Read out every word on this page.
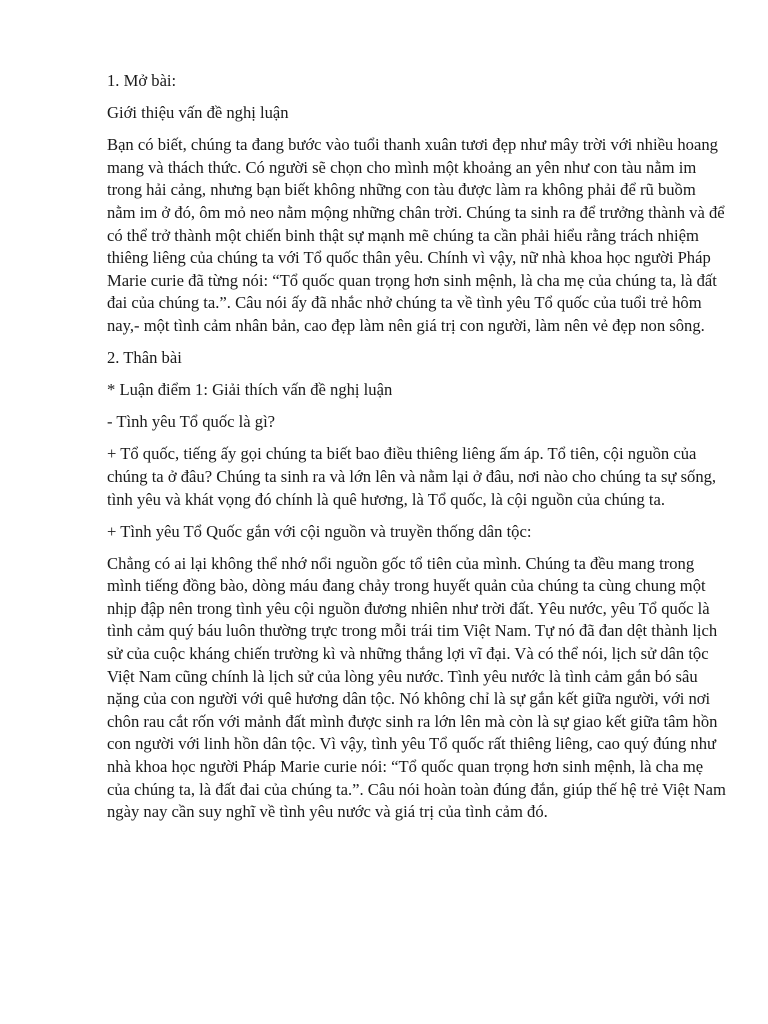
1. Mở bài:

Giới thiệu vấn đề nghị luận

Bạn có biết, chúng ta đang bước vào tuổi thanh xuân tươi đẹp như mây trời với nhiều hoang mang và thách thức. Có người sẽ chọn cho mình một khoảng an yên như con tàu nằm im trong hải cảng, nhưng bạn biết không những con tàu được làm ra không phải để rũ buồm nằm im ở đó, ôm mỏ neo nằm mộng những chân trời. Chúng ta sinh ra để trưởng thành và để có thể trở thành một chiến binh thật sự mạnh mẽ chúng ta cần phải hiểu rằng trách nhiệm thiêng liêng của chúng ta với Tổ quốc thân yêu. Chính vì vậy, nữ nhà khoa học người Pháp Marie curie đã từng nói: “Tổ quốc quan trọng hơn sinh mệnh, là cha mẹ của chúng ta, là đất đai của chúng ta.”. Câu nói ấy đã nhắc nhở chúng ta về tình yêu Tổ quốc của tuổi trẻ hôm nay,- một tình cảm nhân bản, cao đẹp làm nên giá trị con người, làm nên vẻ đẹp non sông.

2. Thân bài

* Luận điểm 1: Giải thích vấn đề nghị luận

- Tình yêu Tổ quốc là gì?

+ Tổ quốc, tiếng ấy gọi chúng ta biết bao điều thiêng liêng ấm áp. Tổ tiên, cội nguồn của chúng ta ở đâu? Chúng ta sinh ra và lớn lên và nằm lại ở đâu, nơi nào cho chúng ta sự sống, tình yêu và khát vọng đó chính là quê hương, là Tổ quốc, là cội nguồn của chúng ta.

+ Tình yêu Tổ Quốc gắn với cội nguồn và truyền thống dân tộc:

Chẳng có ai lại không thể nhớ nổi nguồn gốc tổ tiên của mình. Chúng ta đều mang trong mình tiếng đồng bào, dòng máu đang chảy trong huyết quản của chúng ta cùng chung một nhịp đập nên trong tình yêu cội nguồn đương nhiên như trời đất. Yêu nước, yêu Tổ quốc là tình cảm quý báu luôn thường trực trong mỗi trái tim Việt Nam. Tự nó đã đan dệt thành lịch sử của cuộc kháng chiến trường kì và những thắng lợi vĩ đại. Và có thể nói, lịch sử dân tộc Việt Nam cũng chính là lịch sử của lòng yêu nước. Tình yêu nước là tình cảm gắn bó sâu nặng của con người với quê hương dân tộc. Nó không chỉ là sự gắn kết giữa người, với nơi chôn rau cắt rốn với mảnh đất mình được sinh ra lớn lên mà còn là sự giao kết giữa tâm hồn con người với linh hồn dân tộc. Vì vậy, tình yêu Tổ quốc rất thiêng liêng, cao quý đúng như nhà khoa học người Pháp Marie curie nói: “Tổ quốc quan trọng hơn sinh mệnh, là cha mẹ của chúng ta, là đất đai của chúng ta.”. Câu nói hoàn toàn đúng đắn, giúp thế hệ trẻ Việt Nam ngày nay cần suy nghĩ về tình yêu nước và giá trị của tình cảm đó.
